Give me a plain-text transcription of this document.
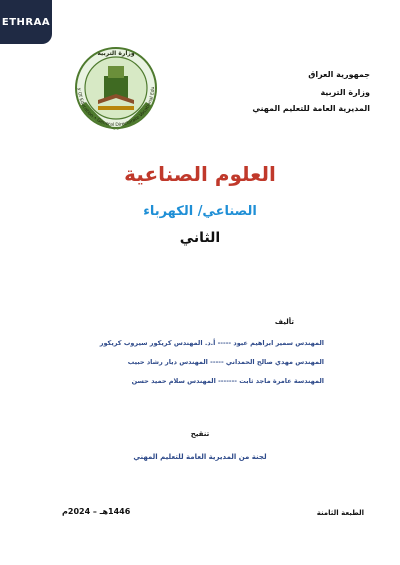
ETHRAA
جمهورية العراق
وزارة التربية
المديرية العامة للتعليم المهني
وزارة التربية
y Of Education • General Directorate Vocational Edu
العلوم الصناعية
الصناعي/ الكهرباء
الثاني
تأليف
المهندس سمير ابراهيم عبود ----- أ.د. المهندس كريكور سيروب كريكور
المهندس مهدي صالح الحمداني ----- المهندس ديار رشاد حبيب
المهندسة عامرة ماجد ثابت ------- المهندس سلام حميد حسن
تنقيح
لجنة من المديرية العامة للتعليم المهني
الطبعة الثامنة
1446هـ – 2024م
